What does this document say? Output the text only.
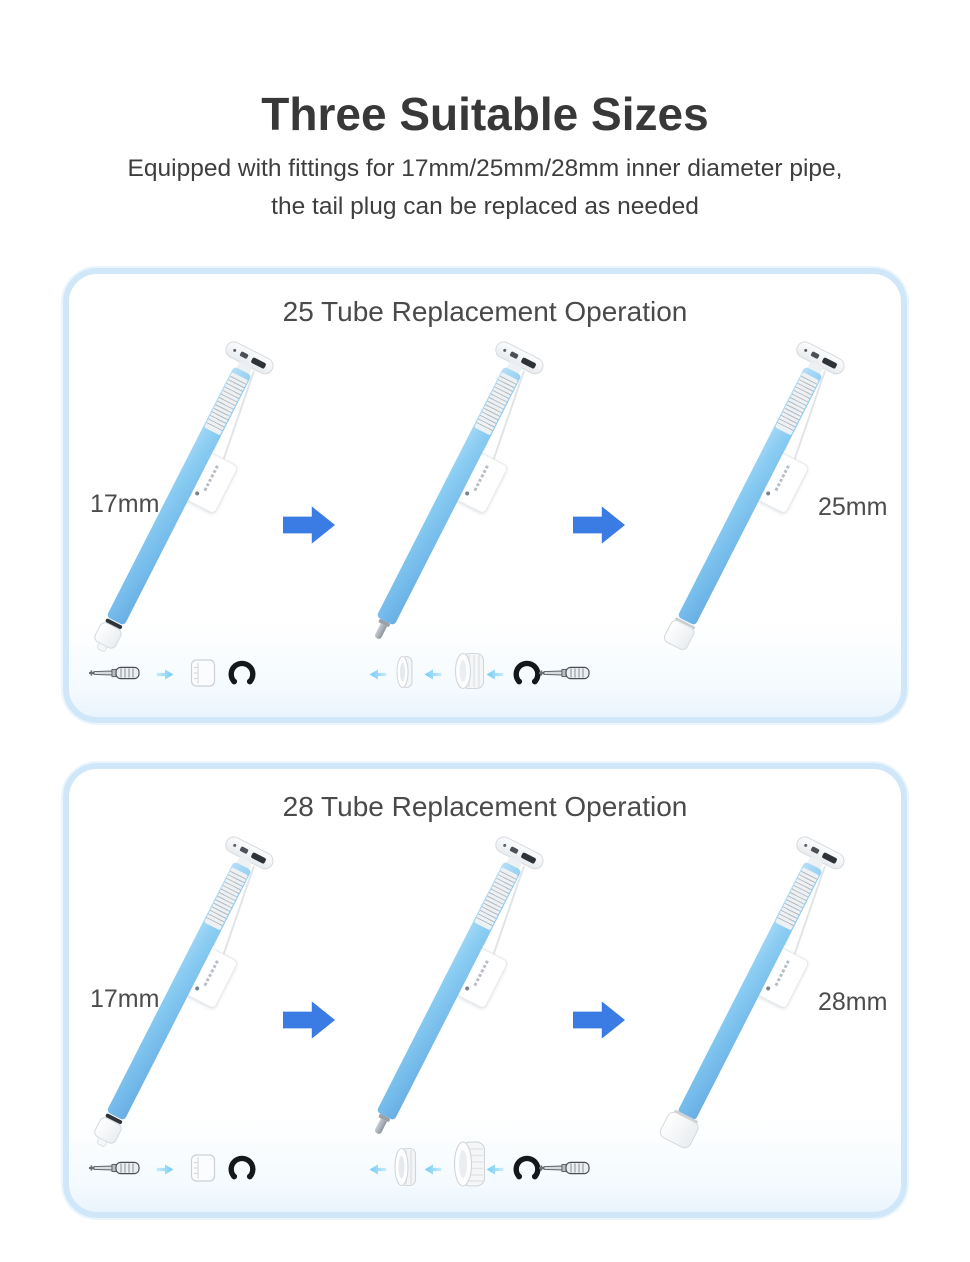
Three Suitable Sizes
Equipped with fittings for 17mm/25mm/28mm inner diameter pipe,
the tail plug can be replaced as needed
25 Tube Replacement Operation
17mm	25mm
28 Tube Replacement Operation
17mm	28mm
